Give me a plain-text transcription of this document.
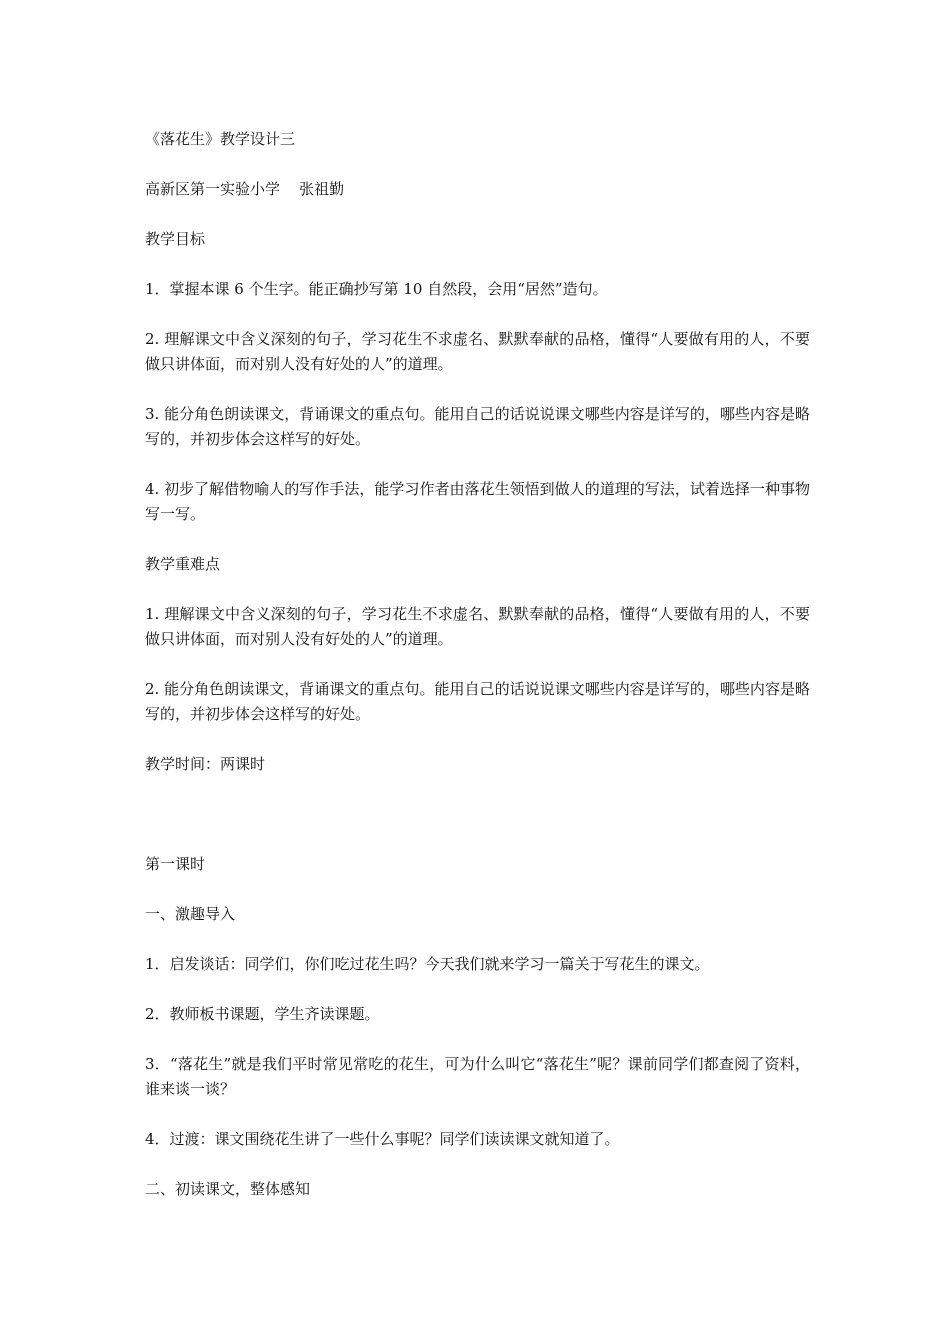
《落花生》教学设计三

高新区第一实验小学    张祖勤

教学目标

1．掌握本课 6 个生字。能正确抄写第 10 自然段，会用“居然”造句。

2. 理解课文中含义深刻的句子，学习花生不求虚名、默默奉献的品格，懂得“人要做有用的人，不要做只讲体面，而对别人没有好处的人”的道理。

3. 能分角色朗读课文，背诵课文的重点句。能用自己的话说说课文哪些内容是详写的，哪些内容是略写的，并初步体会这样写的好处。

4. 初步了解借物喻人的写作手法，能学习作者由落花生领悟到做人的道理的写法，试着选择一种事物写一写。

教学重难点

1. 理解课文中含义深刻的句子，学习花生不求虚名、默默奉献的品格，懂得“人要做有用的人，不要做只讲体面，而对别人没有好处的人”的道理。

2. 能分角色朗读课文，背诵课文的重点句。能用自己的话说说课文哪些内容是详写的，哪些内容是略写的，并初步体会这样写的好处。

教学时间：两课时

第一课时

一、激趣导入

1．启发谈话：同学们，你们吃过花生吗？今天我们就来学习一篇关于写花生的课文。

2．教师板书课题，学生齐读课题。

3．“落花生”就是我们平时常见常吃的花生，可为什么叫它“落花生”呢？课前同学们都查阅了资料，谁来谈一谈？

4．过渡：课文围绕花生讲了一些什么事呢？同学们读读课文就知道了。

二、初读课文，整体感知
